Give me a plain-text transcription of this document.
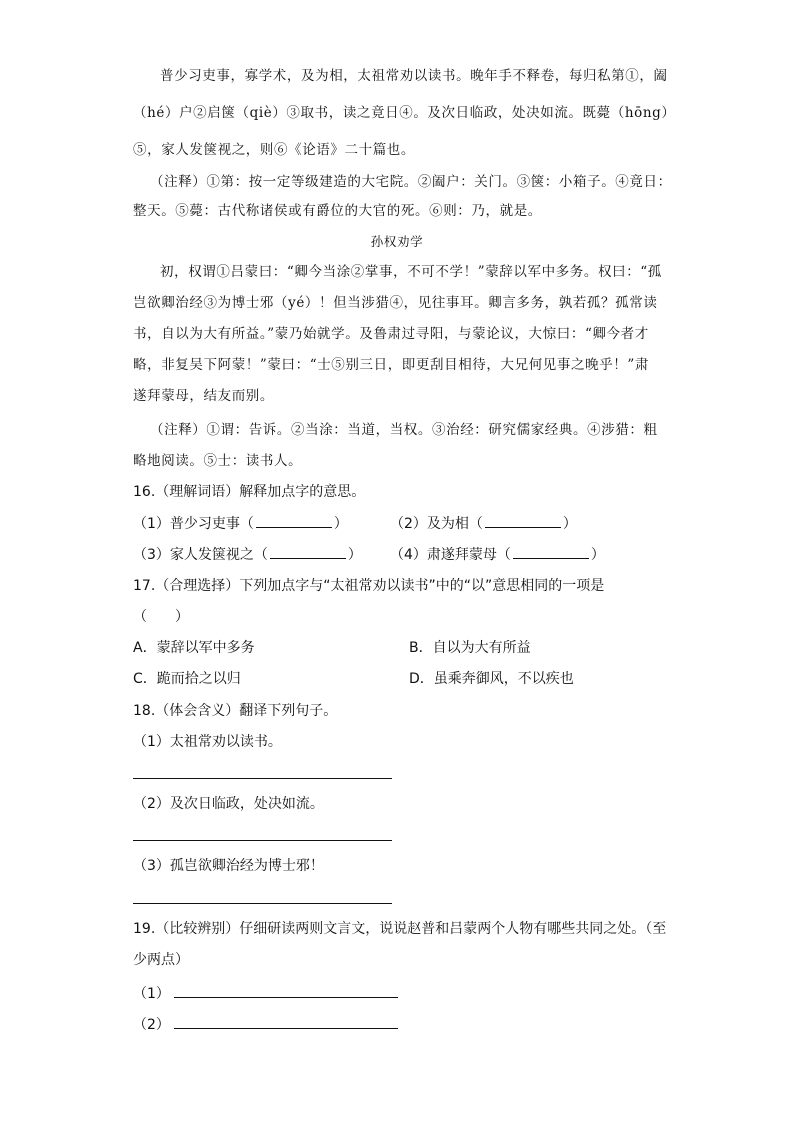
普少习吏事，寡学术，及为相，太祖常劝以读书。晚年手不释卷，每归私第①，阖
（hé）户②启箧（qiè）③取书，读之竟日④。及次日临政，处决如流。既薨（hōng）
⑤，家人发箧视之，则⑥《论语》二十篇也。
（注释）①第：按一定等级建造的大宅院。②阖户：关门。③箧：小箱子。④竟日：
整天。⑤薨：古代称诸侯或有爵位的大官的死。⑥则：乃，就是。
孙权劝学
初，权谓①吕蒙曰：“卿今当涂②掌事，不可不学！”蒙辞以军中多务。权曰：“孤
岂欲卿治经③为博士邪（yé）！但当涉猎④，见往事耳。卿言多务，孰若孤？孤常读
书，自以为大有所益。”蒙乃始就学。及鲁肃过寻阳，与蒙论议，大惊曰：“卿今者才
略，非复吴下阿蒙！”蒙曰：“士⑤别三日，即更刮目相待，大兄何见事之晚乎！”肃
遂拜蒙母，结友而别。
（注释）①谓：告诉。②当涂：当道，当权。③治经：研究儒家经典。④涉猎：粗
略地阅读。⑤士：读书人。
16.（理解词语）解释加点字的意思。
（1）普少习吏事（	）	（2）及为相（	）
（3）家人发箧视之（	） （4）肃遂拜蒙母（	）
17.（合理选择）下列加点字与“太祖常劝以读书”中的“以”意思相同的一项是
（　　）
A．蒙辞以军中多务	B．自以为大有所益
C．跪而拾之以归	D．虽乘奔御风，不以疾也
18.（体会含义）翻译下列句子。
（1）太祖常劝以读书。
（2）及次日临政，处决如流。
（3）孤岂欲卿治经为博士邪！
19.（比较辨别）仔细研读两则文言文，说说赵普和吕蒙两个人物有哪些共同之处。（至
少两点）
（1）
（2）
